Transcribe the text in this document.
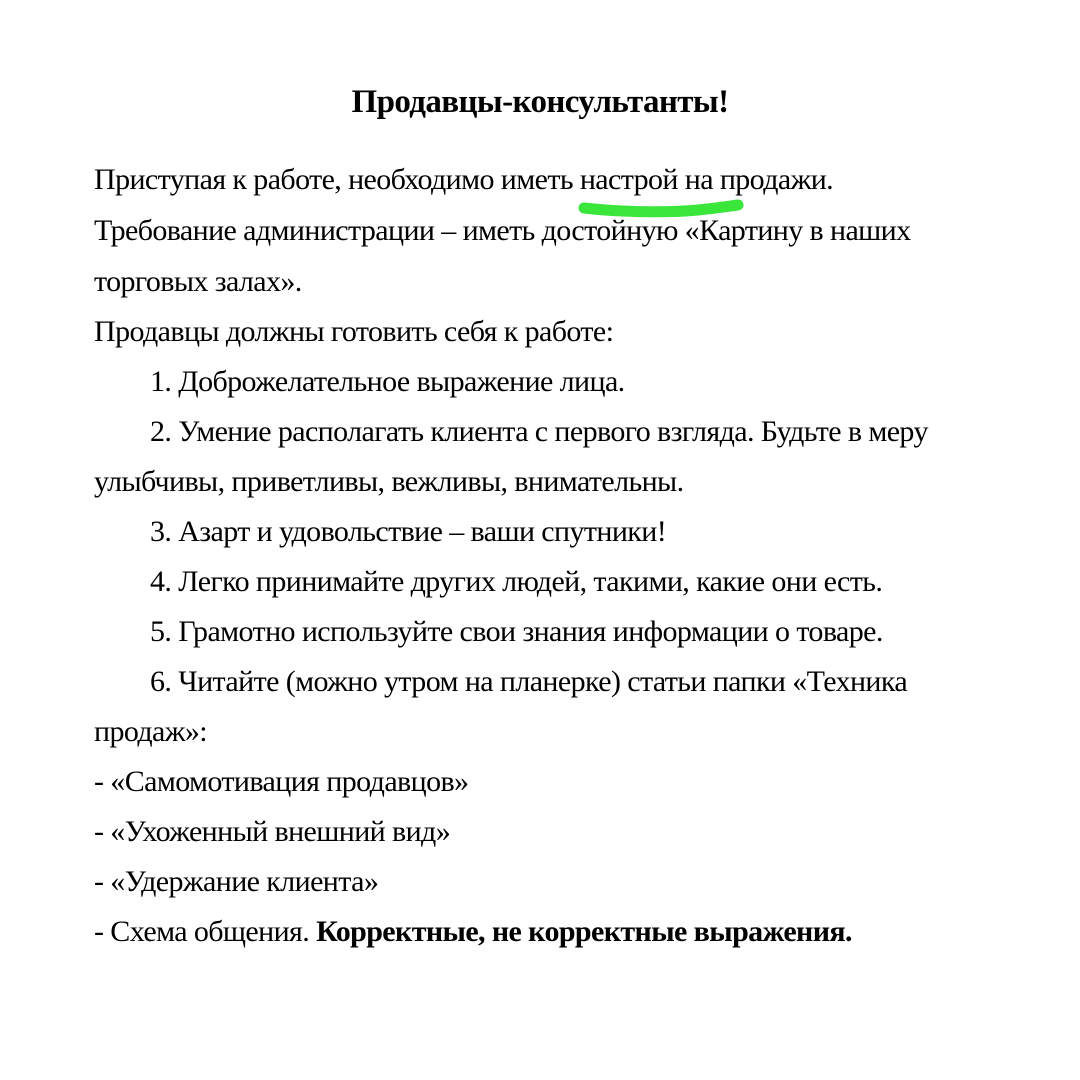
Продавцы-консультанты!
Приступая к работе, необходимо иметь настрой на продажи.
Требование администрации – иметь достойную «Картину в наших
торговых залах».
Продавцы должны готовить себя к работе:
1. Доброжелательное выражение лица.
2. Умение располагать клиента с первого взгляда. Будьте в меру
улыбчивы, приветливы, вежливы, внимательны.
3. Азарт и удовольствие – ваши спутники!
4. Легко принимайте других людей, такими, какие они есть.
5. Грамотно используйте свои знания информации о товаре.
6. Читайте (можно утром на планерке) статьи папки «Техника
продаж»:
- «Самомотивация продавцов»
- «Ухоженный внешний вид»
- «Удержание клиента»
- Схема общения. Корректные, не корректные выражения.
